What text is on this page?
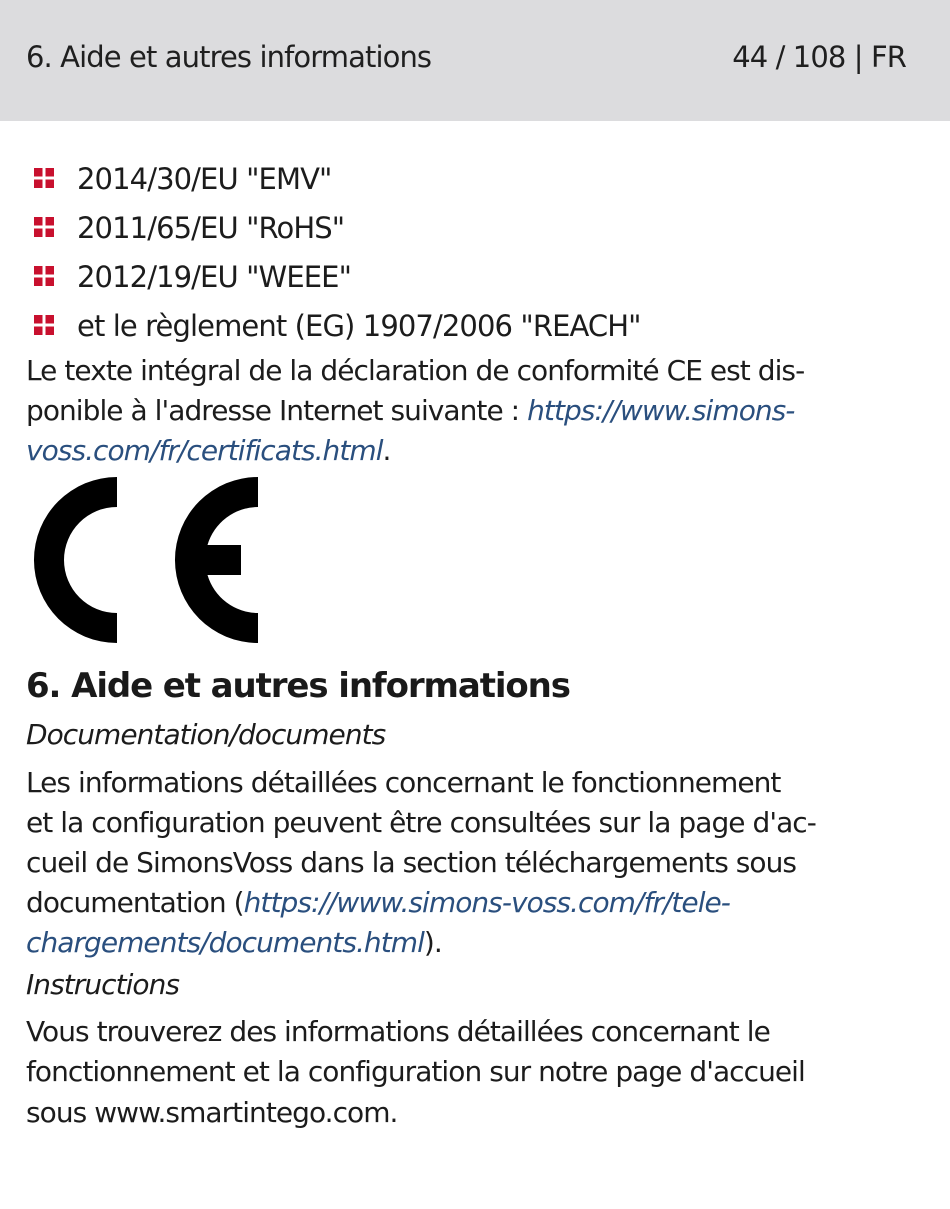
6. Aide et autres informations	44 / 108 | FR
2014/30/EU "EMV"
2011/65/EU "RoHS"
2012/19/EU "WEEE"
et le règlement (EG) 1907/2006 "REACH"

Le texte intégral de la déclaration de conformité CE est dis-

ponible à l'adresse Internet suivante : https://www.simons-

voss.com/fr/certificats.html.

6. Aide et autres informations

Documentation/documents

Les informations détaillées concernant le fonctionnement

et la configuration peuvent être consultées sur la page d'ac-

cueil de SimonsVoss dans la section téléchargements sous

documentation (https://www.simons-voss.com/fr/tele-

chargements/documents.html).

Instructions

Vous trouverez des informations détaillées concernant le

fonctionnement et la configuration sur notre page d'accueil

sous www.smartintego.com.
